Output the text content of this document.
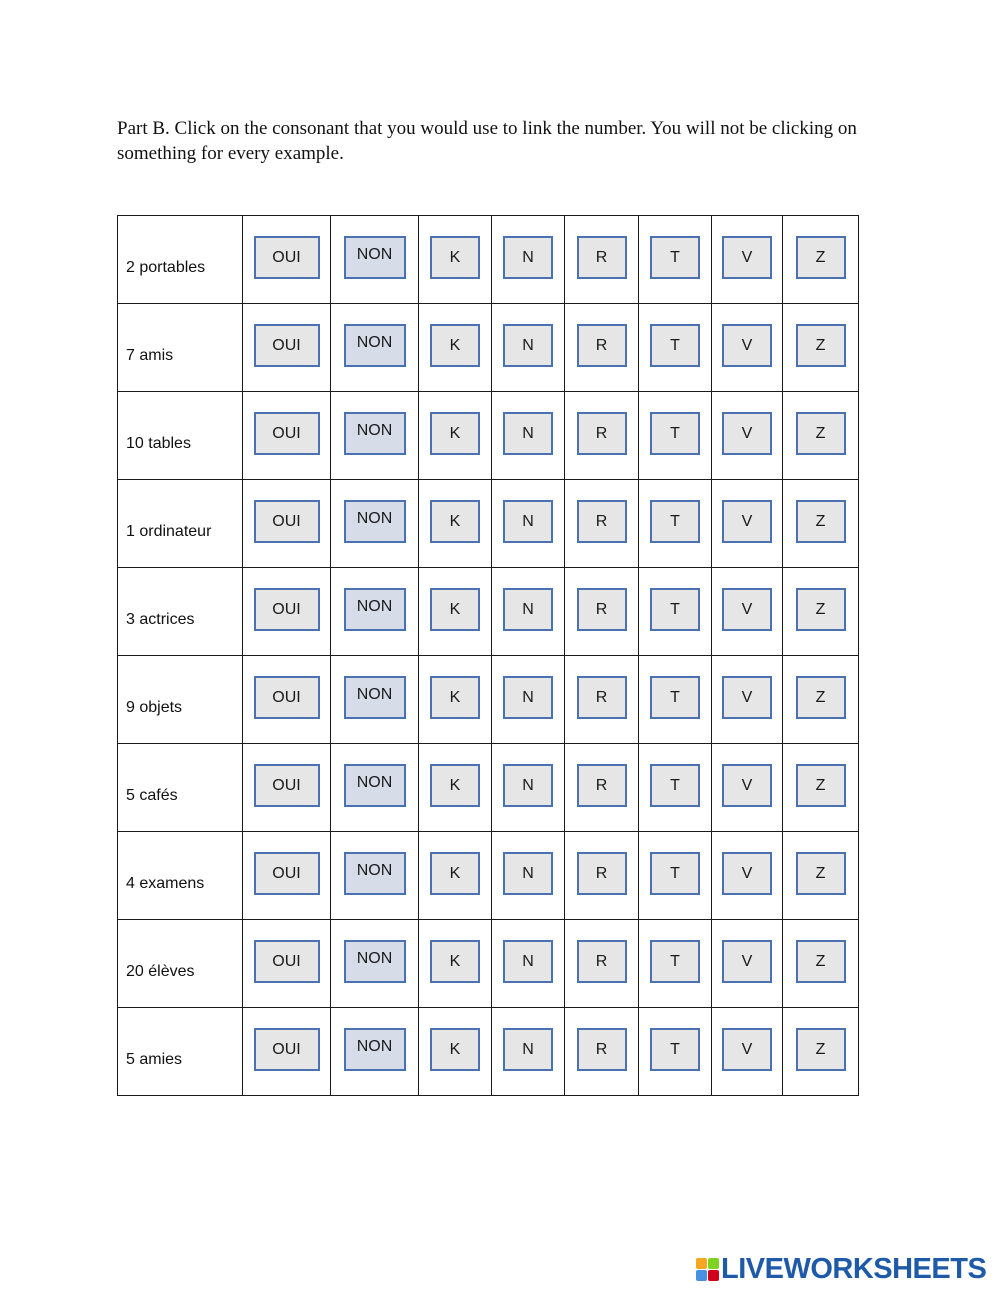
Part B. Click on the consonant that you would use to link the number. You will not be clicking on something for every example.
2 portables	OUI	NON	K	N	R	T	V	Z
7 amis	OUI	NON	K	N	R	T	V	Z
10 tables	OUI	NON	K	N	R	T	V	Z
1 ordinateur	OUI	NON	K	N	R	T	V	Z
3 actrices	OUI	NON	K	N	R	T	V	Z
9 objets	OUI	NON	K	N	R	T	V	Z
5 cafés	OUI	NON	K	N	R	T	V	Z
4 examens	OUI	NON	K	N	R	T	V	Z
20 élèves	OUI	NON	K	N	R	T	V	Z
5 amies	OUI	NON	K	N	R	T	V	Z
LIVEWORKSHEETS
